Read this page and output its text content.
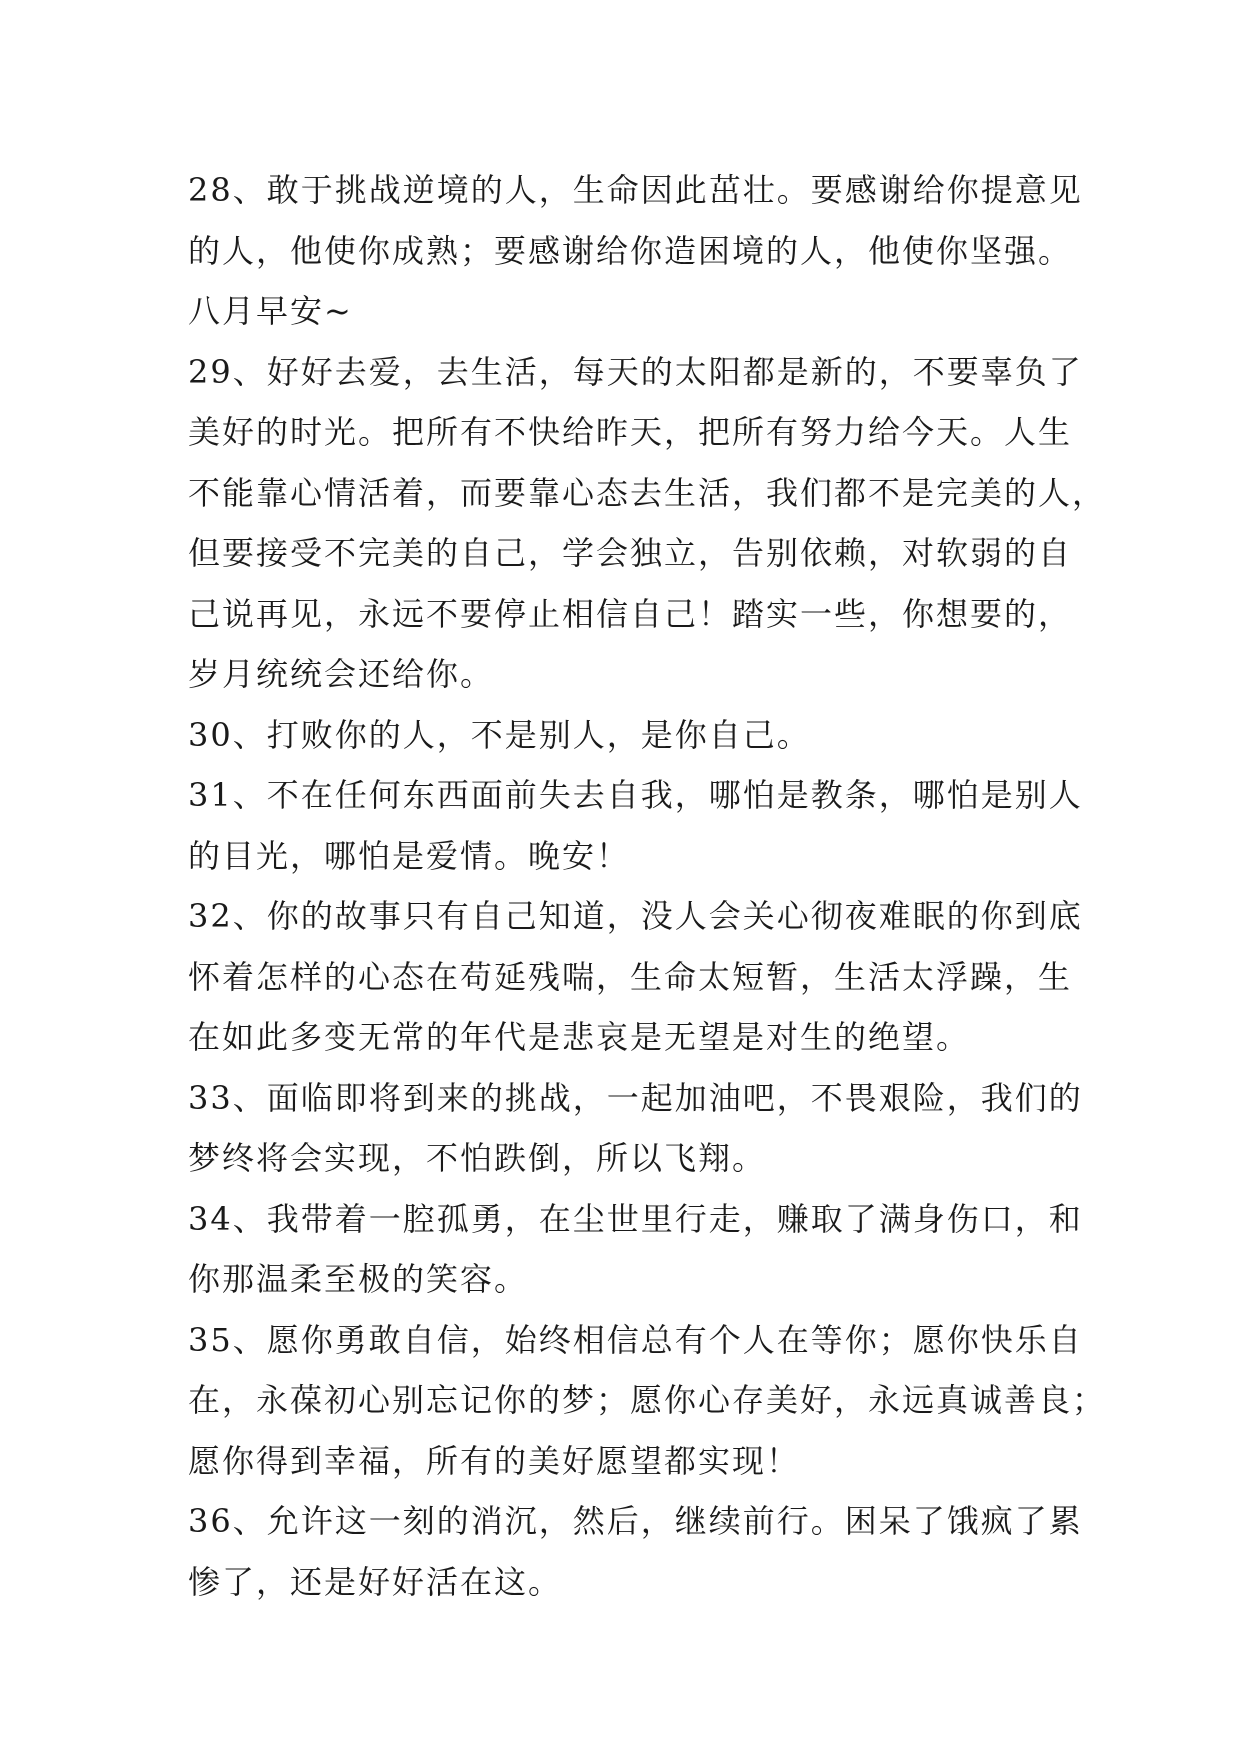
28、敢于挑战逆境的人，生命因此茁壮。要感谢给你提意见
的人，他使你成熟；要感谢给你造困境的人，他使你坚强。
八月早安~
29、好好去爱，去生活，每天的太阳都是新的，不要辜负了
美好的时光。把所有不快给昨天，把所有努力给今天。人生
不能靠心情活着，而要靠心态去生活，我们都不是完美的人，
但要接受不完美的自己，学会独立，告别依赖，对软弱的自
己说再见，永远不要停止相信自己！踏实一些，你想要的，
岁月统统会还给你。
30、打败你的人，不是别人，是你自己。
31、不在任何东西面前失去自我，哪怕是教条，哪怕是别人
的目光，哪怕是爱情。晚安！
32、你的故事只有自己知道，没人会关心彻夜难眠的你到底
怀着怎样的心态在苟延残喘，生命太短暂，生活太浮躁，生
在如此多变无常的年代是悲哀是无望是对生的绝望。
33、面临即将到来的挑战，一起加油吧，不畏艰险，我们的
梦终将会实现，不怕跌倒，所以飞翔。
34、我带着一腔孤勇，在尘世里行走，赚取了满身伤口，和
你那温柔至极的笑容。
35、愿你勇敢自信，始终相信总有个人在等你；愿你快乐自
在，永葆初心别忘记你的梦；愿你心存美好，永远真诚善良；
愿你得到幸福，所有的美好愿望都实现！
36、允许这一刻的消沉，然后，继续前行。困呆了饿疯了累
惨了，还是好好活在这。
